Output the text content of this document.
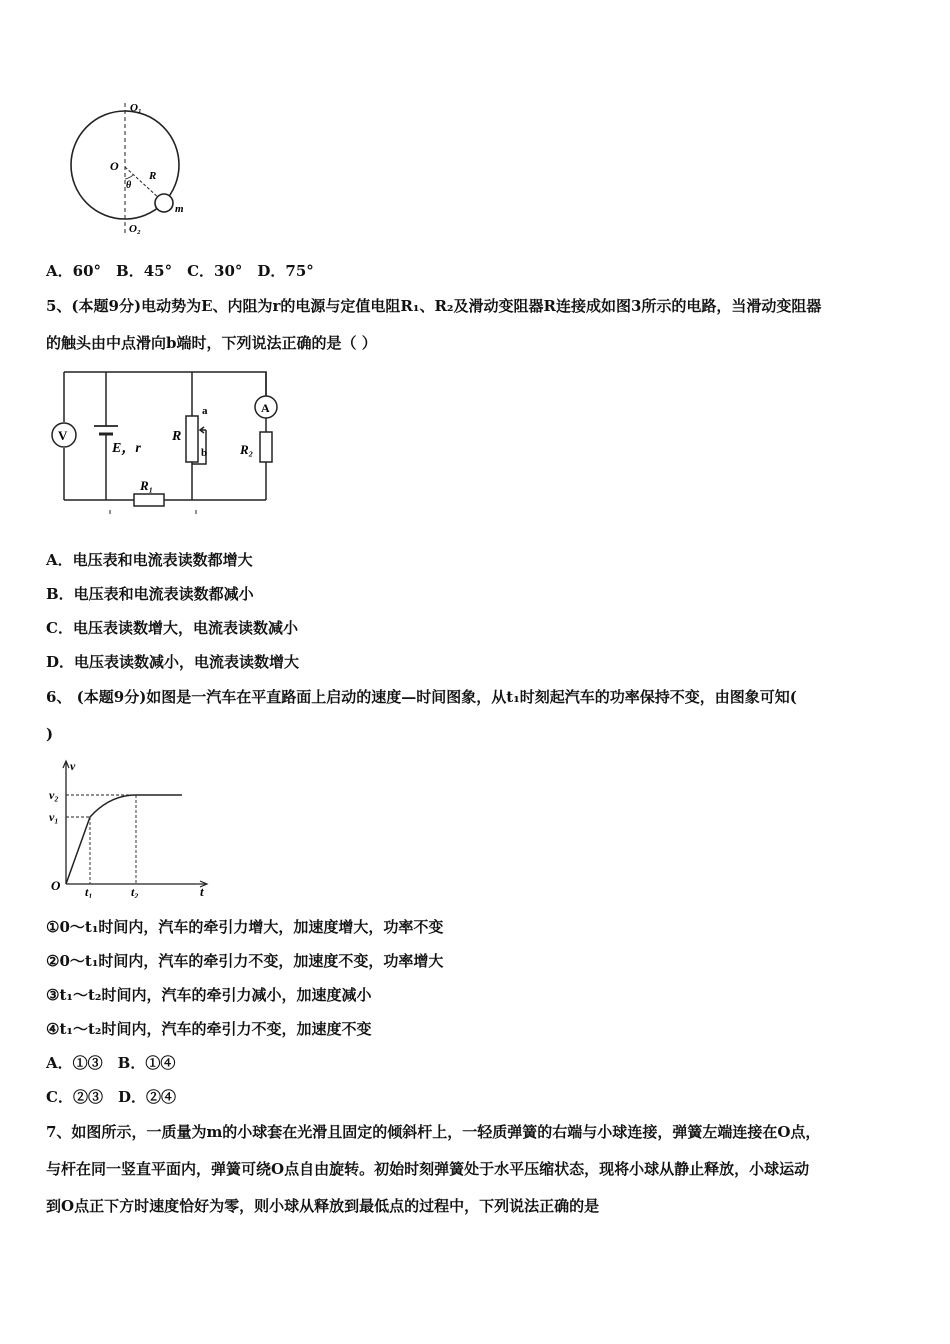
O₁
O
R
θ
m
O₂
A．60°　B．45°　C．30°　D．75°
5、(本题9分)电动势为E、内阻为r的电源与定值电阻R₁、R₂及滑动变阻器R连接成如图3所示的电路，当滑动变阻器
的触头由中点滑向b端时，下列说法正确的是（ ）
V
A
E，r
R
a
b
R₁
R₂
A．电压表和电流表读数都增大
B．电压表和电流表读数都减小
C．电压表读数增大，电流表读数减小
D．电压表读数减小，电流表读数增大
6、 (本题9分)如图是一汽车在平直路面上启动的速度—时间图象，从t₁时刻起汽车的功率保持不变，由图象可知(
)
v
t
O
v₁
v₂
t₁	t₂
①0～t₁时间内，汽车的牵引力增大，加速度增大，功率不变
②0～t₁时间内，汽车的牵引力不变，加速度不变，功率增大
③t₁～t₂时间内，汽车的牵引力减小，加速度减小
④t₁～t₂时间内，汽车的牵引力不变，加速度不变
A．①③　B．①④
C．②③　D．②④
7、如图所示，一质量为m的小球套在光滑且固定的倾斜杆上，一轻质弹簧的右端与小球连接，弹簧左端连接在O点，
与杆在同一竖直平面内，弹簧可绕O点自由旋转。初始时刻弹簧处于水平压缩状态，现将小球从静止释放，小球运动
到O点正下方时速度恰好为零，则小球从释放到最低点的过程中，下列说法正确的是
